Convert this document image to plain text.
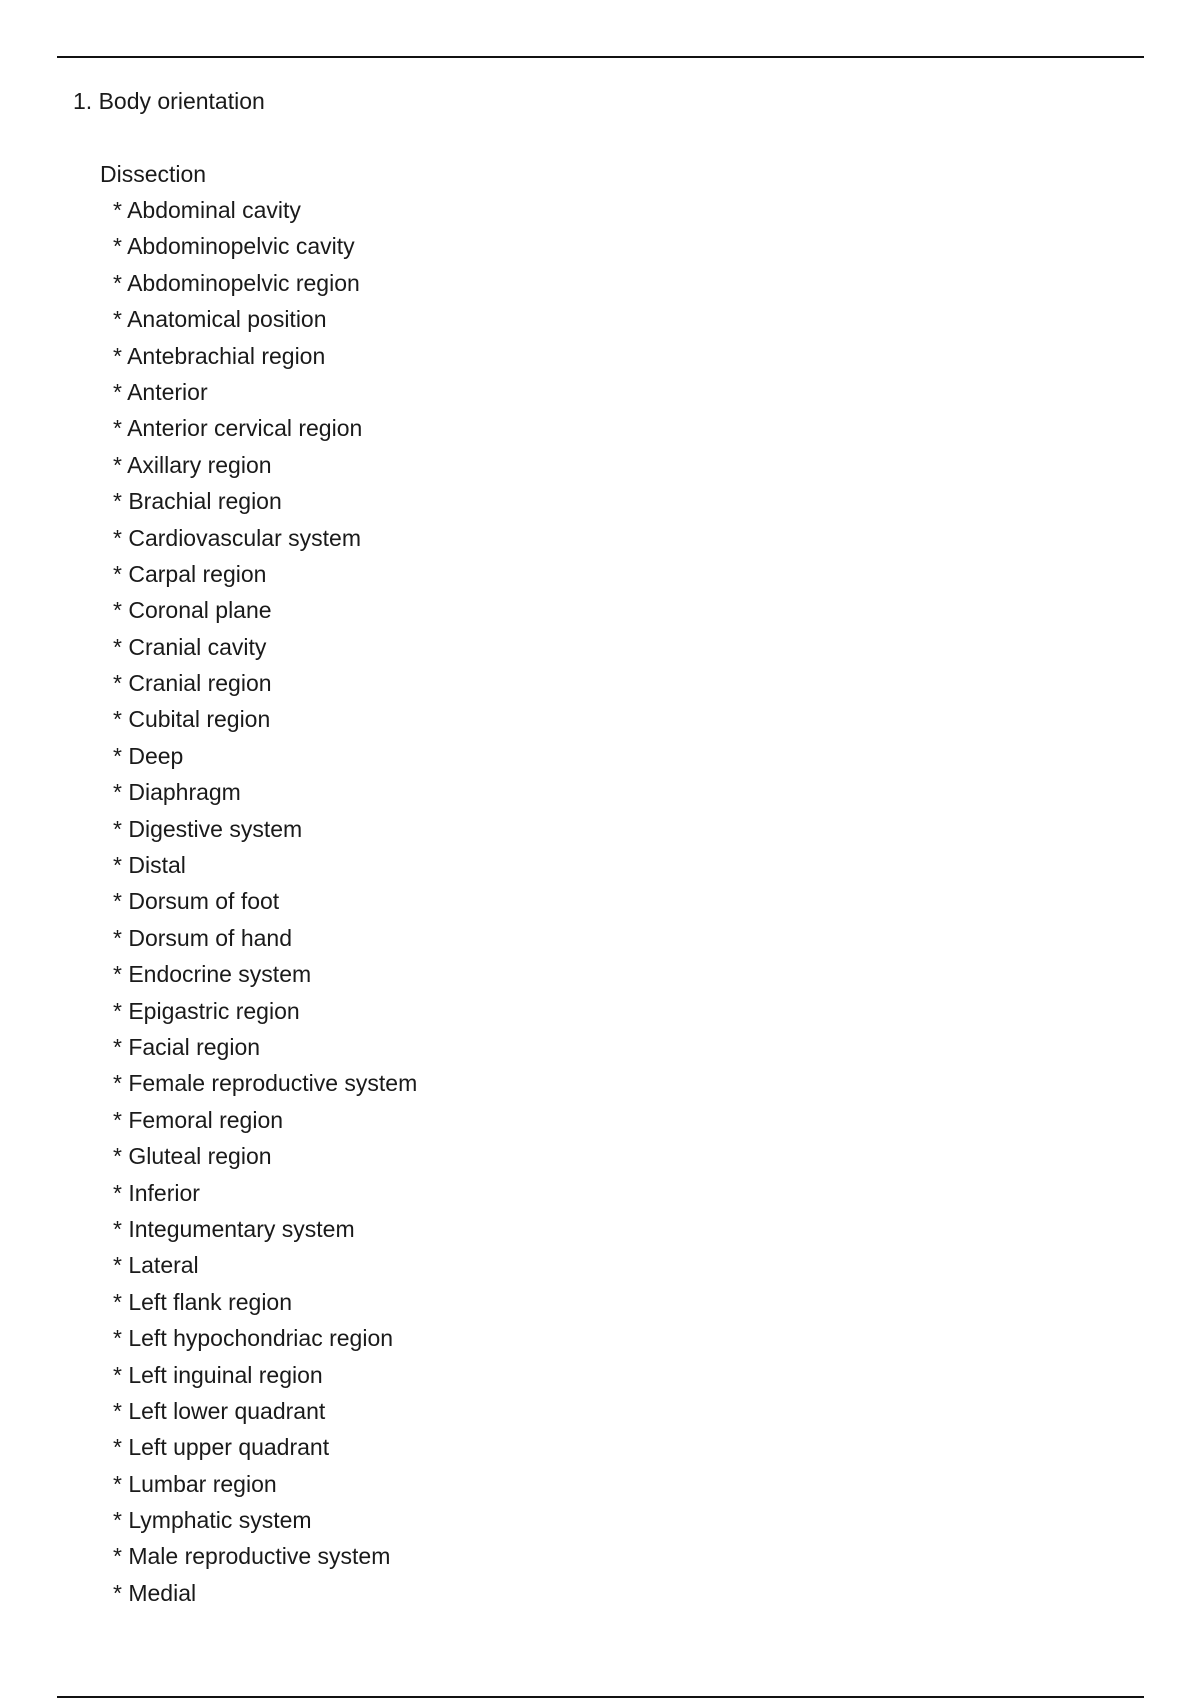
1. Body orientation
Dissection
* Abdominal cavity
* Abdominopelvic cavity
* Abdominopelvic region
* Anatomical position
* Antebrachial region
* Anterior
* Anterior cervical region
* Axillary region
* Brachial region
* Cardiovascular system
* Carpal region
* Coronal plane
* Cranial cavity
* Cranial region
* Cubital region
* Deep
* Diaphragm
* Digestive system
* Distal
* Dorsum of foot
* Dorsum of hand
* Endocrine system
* Epigastric region
* Facial region
* Female reproductive system
* Femoral region
* Gluteal region
* Inferior
* Integumentary system
* Lateral
* Left flank region
* Left hypochondriac region
* Left inguinal region
* Left lower quadrant
* Left upper quadrant
* Lumbar region
* Lymphatic system
* Male reproductive system
* Medial
